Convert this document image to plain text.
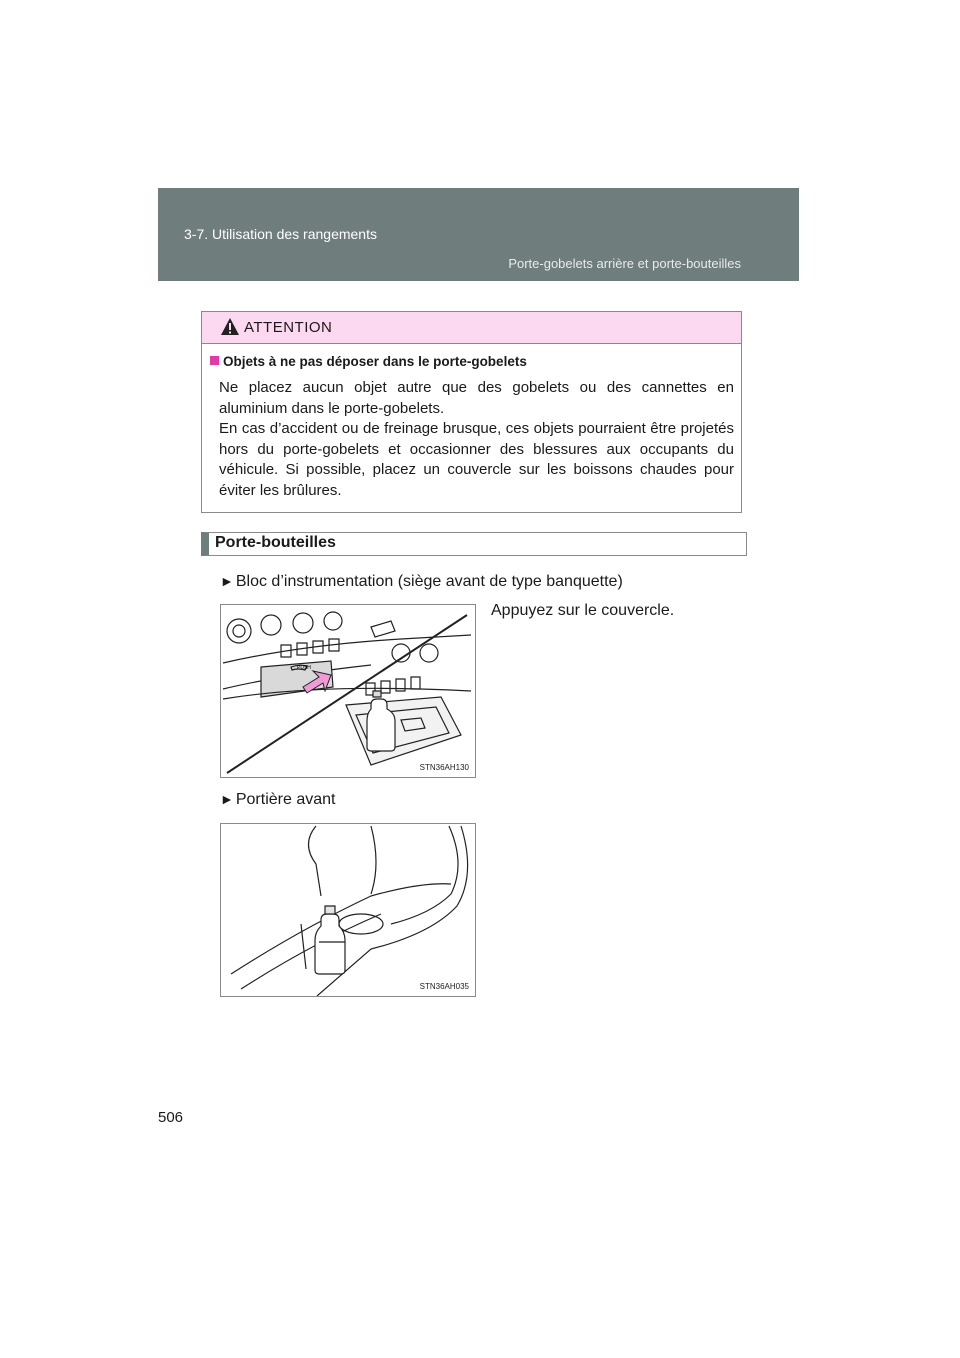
3-7. Utilisation des rangements
Porte-gobelets arrière et porte-bouteilles
ATTENTION
Objets à ne pas déposer dans le porte-gobelets

Ne placez aucun objet autre que des gobelets ou des cannettes en aluminium dans le porte-gobelets.

En cas d’accident ou de freinage brusque, ces objets pourraient être projetés hors du porte-gobelets et occasionner des blessures aux occupants du véhicule. Si possible, placez un couvercle sur les boissons chaudes pour éviter les brûlures.

Porte-bouteilles
► Bloc d’instrumentation (siège avant de type banquette)
PUSH
STN36AH130
Appuyez sur le couvercle.
► Portière avant
STN36AH035
506
